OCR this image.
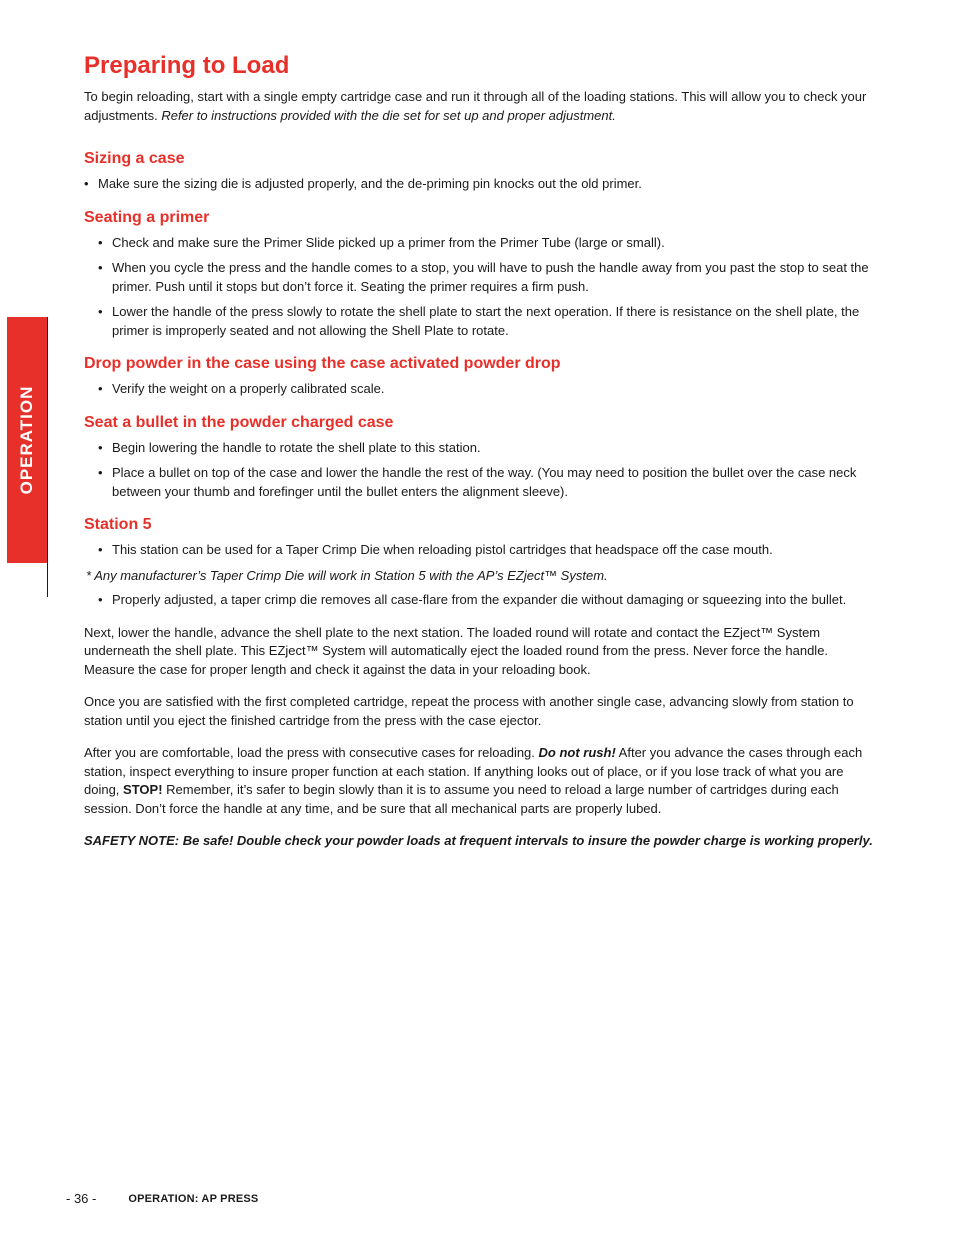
OPERATION
Preparing to Load

To begin reloading, start with a single empty cartridge case and run it through all of the loading stations. This will allow you to check your adjustments. Refer to instructions provided with the die set for set up and proper adjustment.

Sizing a case
• Make sure the sizing die is adjusted properly, and the de-priming pin knocks out the old primer.
Seating a primer
• Check and make sure the Primer Slide picked up a primer from the Primer Tube (large or small).
• When you cycle the press and the handle comes to a stop, you will have to push the handle away from you past the stop to seat the primer. Push until it stops but don’t force it. Seating the primer requires a firm push.
• Lower the handle of the press slowly to rotate the shell plate to start the next operation. If there is resistance on the shell plate, the primer is improperly seated and not allowing the Shell Plate to rotate.
Drop powder in the case using the case activated powder drop
• Verify the weight on a properly calibrated scale.
Seat a bullet in the powder charged case
• Begin lowering the handle to rotate the shell plate to this station.
• Place a bullet on top of the case and lower the handle the rest of the way. (You may need to position the bullet over the case neck between your thumb and forefinger until the bullet enters the alignment sleeve).
Station 5
• This station can be used for a Taper Crimp Die when reloading pistol cartridges that headspace off the case mouth.

* Any manufacturer’s Taper Crimp Die will work in Station 5 with the AP’s EZject™ System.

• Properly adjusted, a taper crimp die removes all case-flare from the expander die without damaging or squeezing into the bullet.

Next, lower the handle, advance the shell plate to the next station. The loaded round will rotate and contact the EZject™ System underneath the shell plate. This EZject™ System will automatically eject the loaded round from the press. Never force the handle. Measure the case for proper length and check it against the data in your reloading book.

Once you are satisfied with the first completed cartridge, repeat the process with another single case, advancing slowly from station to station until you eject the finished cartridge from the press with the case ejector.

After you are comfortable, load the press with consecutive cases for reloading. Do not rush! After you advance the cases through each station, inspect everything to insure proper function at each station. If anything looks out of place, or if you lose track of what you are doing, STOP! Remember, it’s safer to begin slowly than it is to assume you need to reload a large number of cartridges during each session. Don’t force the handle at any time, and be sure that all mechanical parts are properly lubed.

SAFETY NOTE: Be safe! Double check your powder loads at frequent intervals to insure the powder charge is working properly.

- 36 -	OPERATION: AP PRESS
